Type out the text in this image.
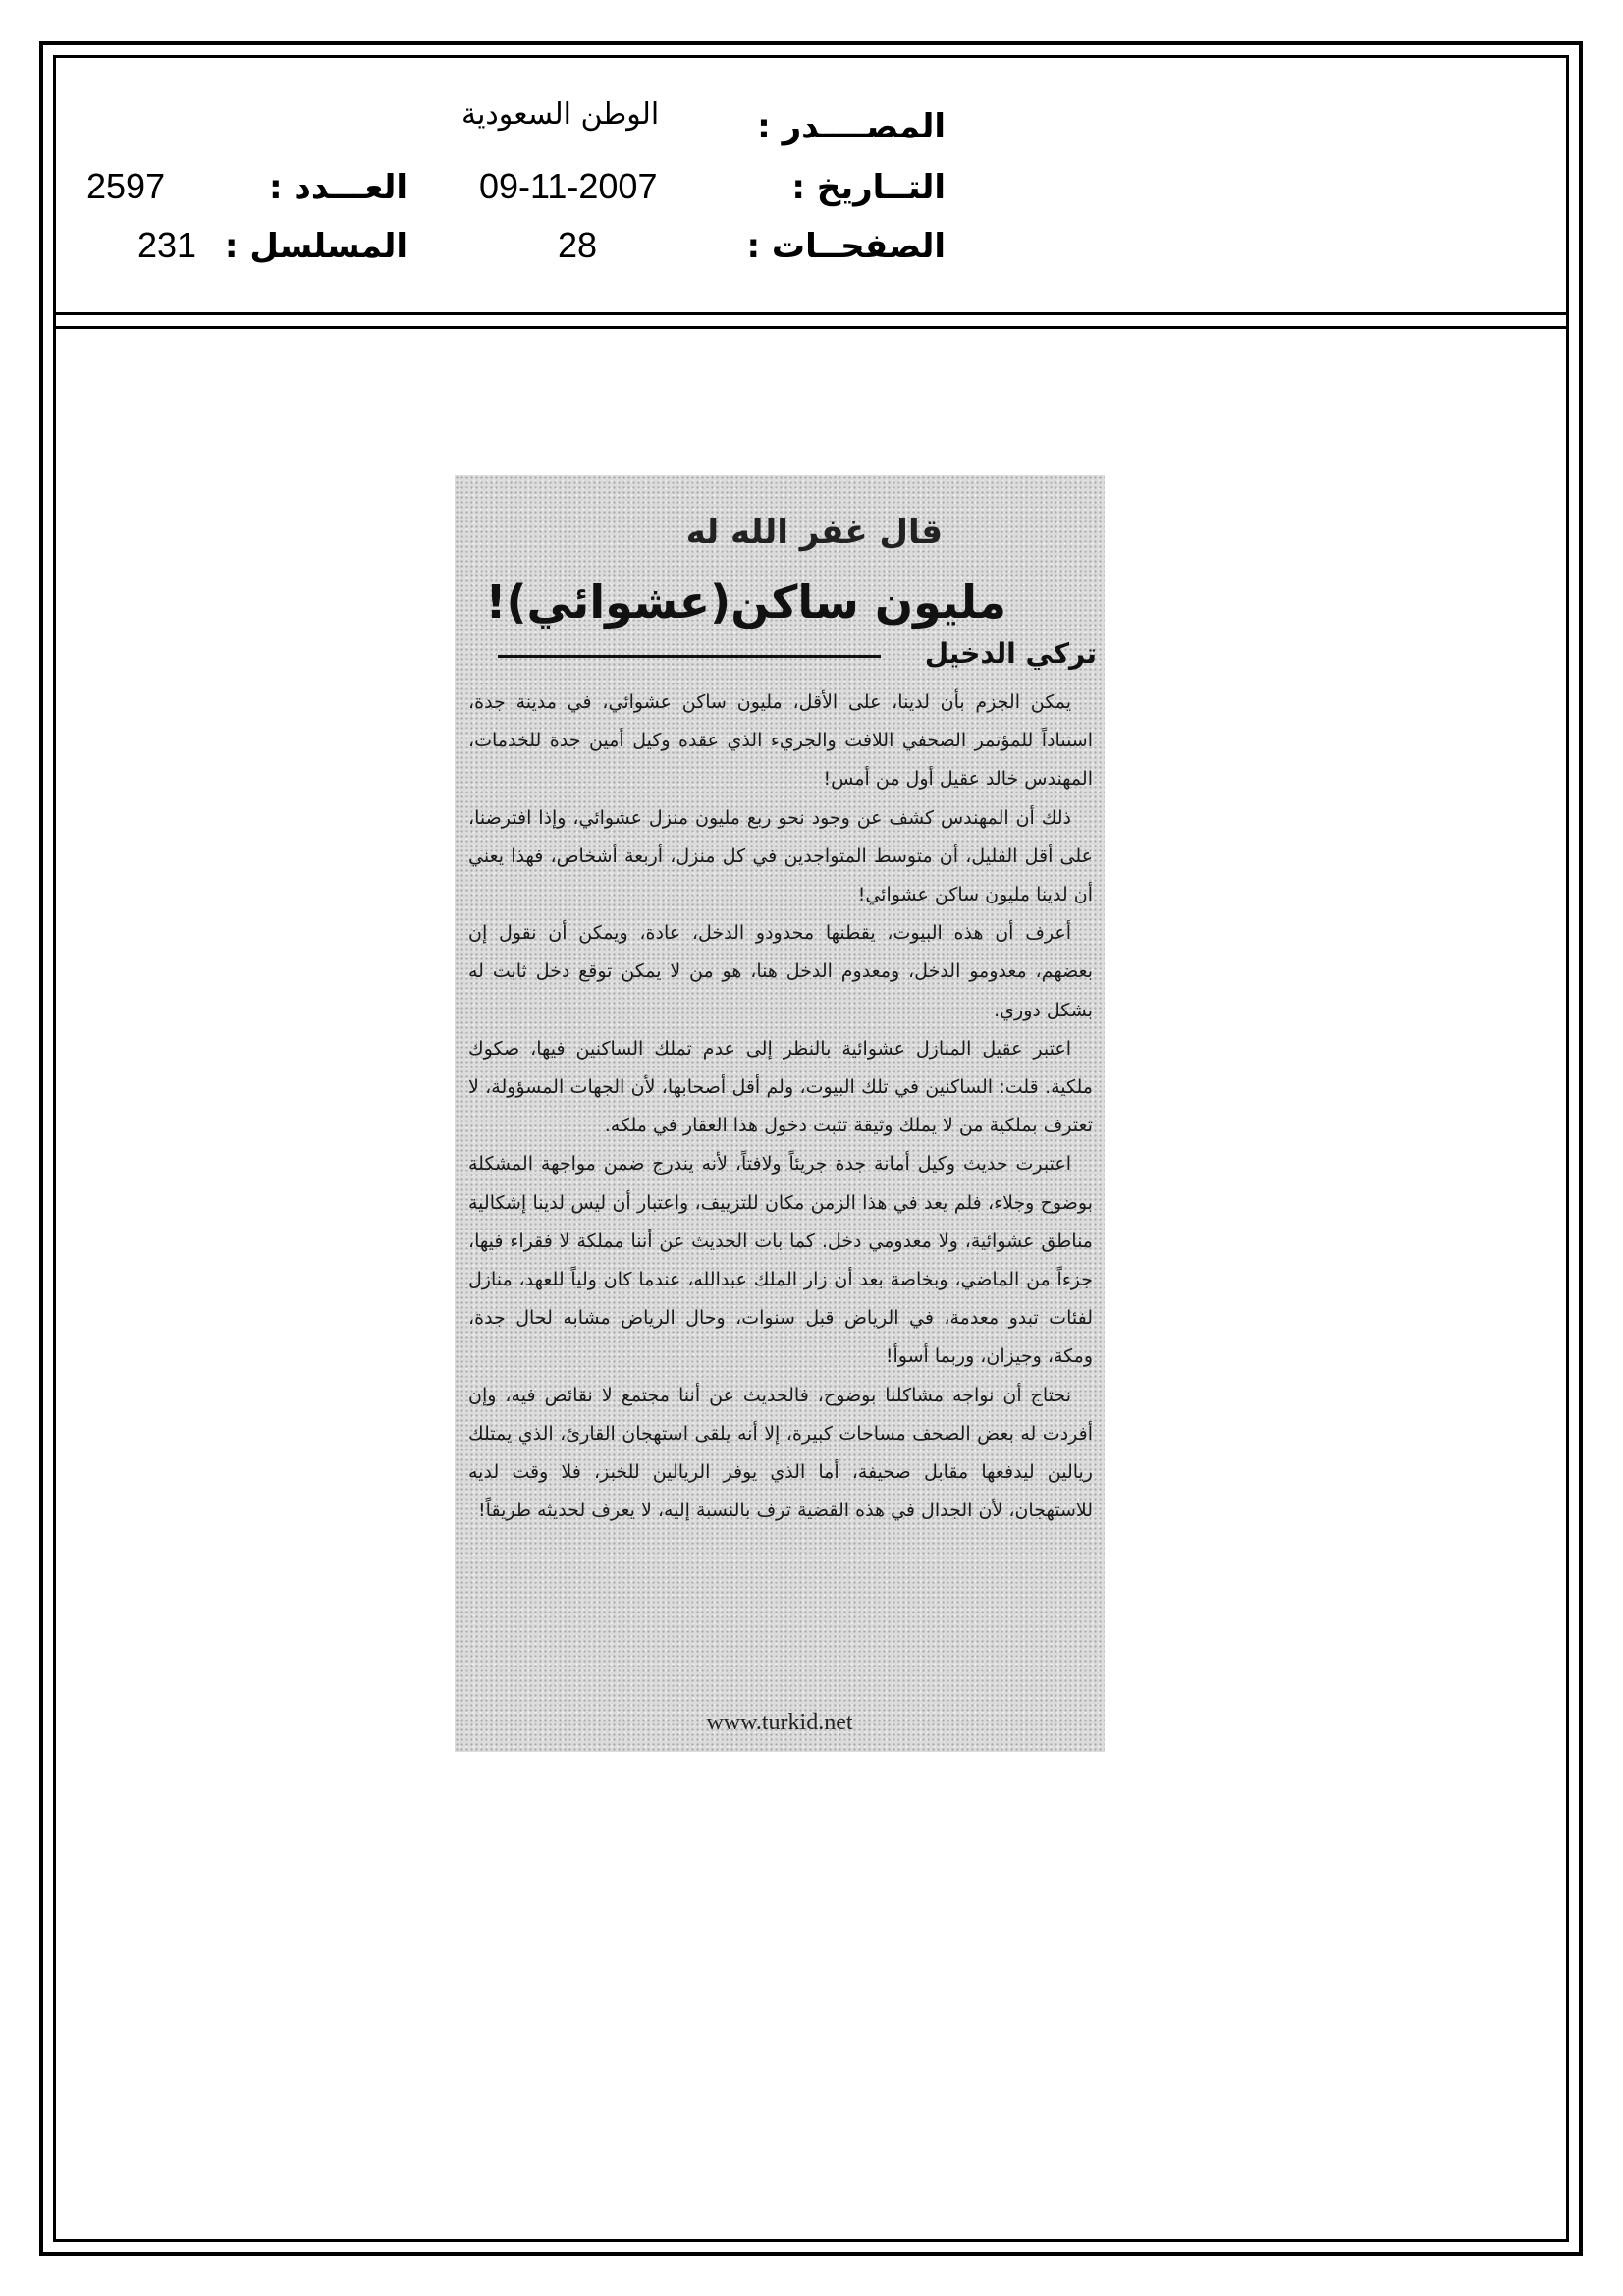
المصــــدر :
الوطن السعودية
التــاريخ :
09-11-2007
العـــدد :
2597
الصفحــات :
28
المسلسل :
231
قال غفر الله له
مليون ساكن(عشوائي)!
تركي الدخيل

يمكن الجزم بأن لدينا، على الأقل، مليون ساكن عشوائي، في مدينة جدة، استناداً للمؤتمر الصحفي اللافت والجريء الذي عقده وكيل أمين جدة للخدمات، المهندس خالد عقيل أول من أمس!

ذلك أن المهندس كشف عن وجود نحو ربع مليون منزل عشوائي، وإذا افترضنا، على أقل القليل، أن متوسط المتواجدين في كل منزل، أربعة أشخاص، فهذا يعني أن لدينا مليون ساكن عشوائي!

أعرف أن هذه البيوت، يقطنها محدودو الدخل، عادة، ويمكن أن نقول إن بعضهم، معدومو الدخل، ومعدوم الدخل هنا، هو من لا يمكن توقع دخل ثابت له بشكل دوري.

اعتبر عقيل المنازل عشوائية بالنظر إلى عدم تملك الساكنين فيها، صكوك ملكية. قلت: الساكنين في تلك البيوت، ولم أقل أصحابها، لأن الجهات المسؤولة، لا تعترف بملكية من لا يملك وثيقة تثبت دخول هذا العقار في ملكه.

اعتبرت حديث وكيل أمانة جدة جريئاً ولافتاً، لأنه يندرج ضمن مواجهة المشكلة بوضوح وجلاء، فلم يعد في هذا الزمن مكان للتزييف، واعتبار أن ليس لدينا إشكالية مناطق عشوائية، ولا معدومي دخل. كما بات الحديث عن أننا مملكة لا فقراء فيها، جزءاً من الماضي، وبخاصة بعد أن زار الملك عبدالله، عندما كان ولياً للعهد، منازل لفئات تبدو معدمة، في الرياض قبل سنوات، وحال الرياض مشابه لحال جدة، ومكة، وجيزان، وربما أسوأ!

نحتاج أن نواجه مشاكلنا بوضوح، فالحديث عن أننا مجتمع لا نقائص فيه، وإن أفردت له بعض الصحف مساحات كبيرة، إلا أنه يلقى استهجان القارئ، الذي يمتلك ريالين ليدفعها مقابل صحيفة، أما الذي يوفر الريالين للخبز، فلا وقت لديه للاستهجان، لأن الجدال في هذه القضية ترف بالنسبة إليه، لا يعرف لحديثه طريقاً!

www.turkid.net
